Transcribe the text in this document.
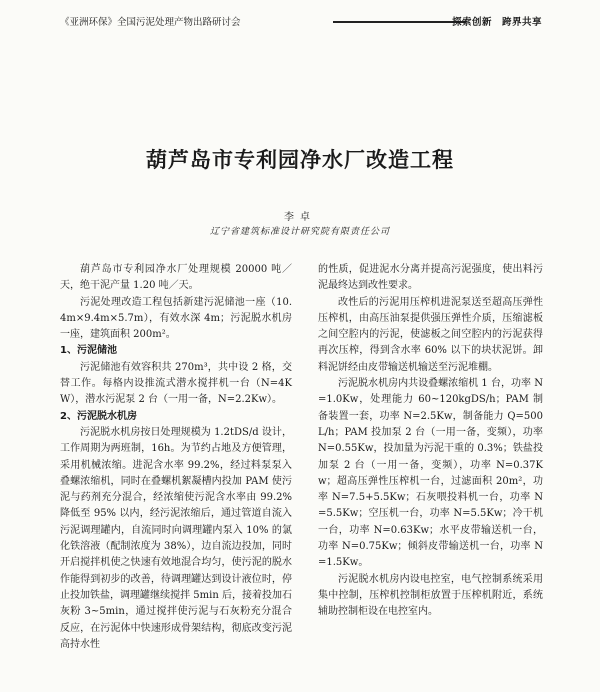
《亚洲环保》全国污泥处理产物出路研讨会	探索创新　跨界共享
葫芦岛市专利园净水厂改造工程
李卓
辽宁省建筑标准设计研究院有限责任公司

葫芦岛市专利园净水厂处理规模 20000 吨／天，绝干泥产量 1.20 吨／天。

污泥处理改造工程包括新建污泥储池一座（10.4m×9.4m×5.7m），有效水深 4m；污泥脱水机房一座，建筑面积 200m²。

1、污泥储池

污泥储池有效容积共 270m³，共中设 2 格，交替工作。每格内设推流式潜水搅拌机一台（N=4KW），潜水污泥泵 2 台（一用一备，N=2.2Kw）。

2、污泥脱水机房

污泥脱水机房按日处理规模为 1.2tDS/d 设计，工作周期为两班制，16h。为节约占地及方便管理，采用机械浓缩。进泥含水率 99.2%，经过料泵泵入叠螺浓缩机，同时在叠螺机絮凝槽内投加 PAM 使污泥与药剂充分混合，经浓缩使污泥含水率由 99.2% 降低至 95% 以内，经污泥浓缩后，通过管道自流入污泥调理罐内，自流同时向调理罐内泵入 10% 的氯化铁溶液（配制浓度为 38%），边自流边投加，同时开启搅拌机使之快速有效地混合均匀，使污泥的脱水作能得到初步的改善，待调理罐达到设计液位时，停止投加铁盐，调理罐继续搅拌 5min 后，接着投加石灰粉 3~5min，通过搅拌使污泥与石灰粉充分混合反应，在污泥体中快速形成骨架结构，彻底改变污泥高持水性

的性质，促进泥水分离并提高污泥强度，使出料污泥最终达到改性要求。

改性后的污泥用压榨机进泥泵送至超高压弹性压榨机，由高压油泵提供强压弹性介质，压缩滤板之间空腔内的污泥，使滤板之间空腔内的污泥获得再次压榨，得到含水率 60% 以下的块状泥饼。卸料泥饼经由皮带输送机输送至污泥堆棚。

污泥脱水机房内共设叠螺浓缩机 1 台，功率 N=1.0Kw，处理能力 60~120kgDS/h；PAM 制备装置一套，功率 N=2.5Kw，制备能力 Q=500L/h；PAM 投加泵 2 台（一用一备，变频），功率 N=0.55Kw，投加量为污泥干重的 0.3%；铁盐投加泵 2 台（一用一备，变频），功率 N=0.37Kw；超高压弹性压榨机一台，过滤面积 20m²，功率 N=7.5+5.5Kw；石灰喂投料机一台，功率 N=5.5Kw；空压机一台，功率 N=5.5Kw；冷干机一台，功率 N=0.63Kw；水平皮带输送机一台，功率 N=0.75Kw；倾斜皮带输送机一台，功率 N=1.5Kw。

污泥脱水机房内设电控室，电气控制系统采用集中控制，压榨机控制柜放置于压榨机附近，系统辅助控制柜设在电控室内。
